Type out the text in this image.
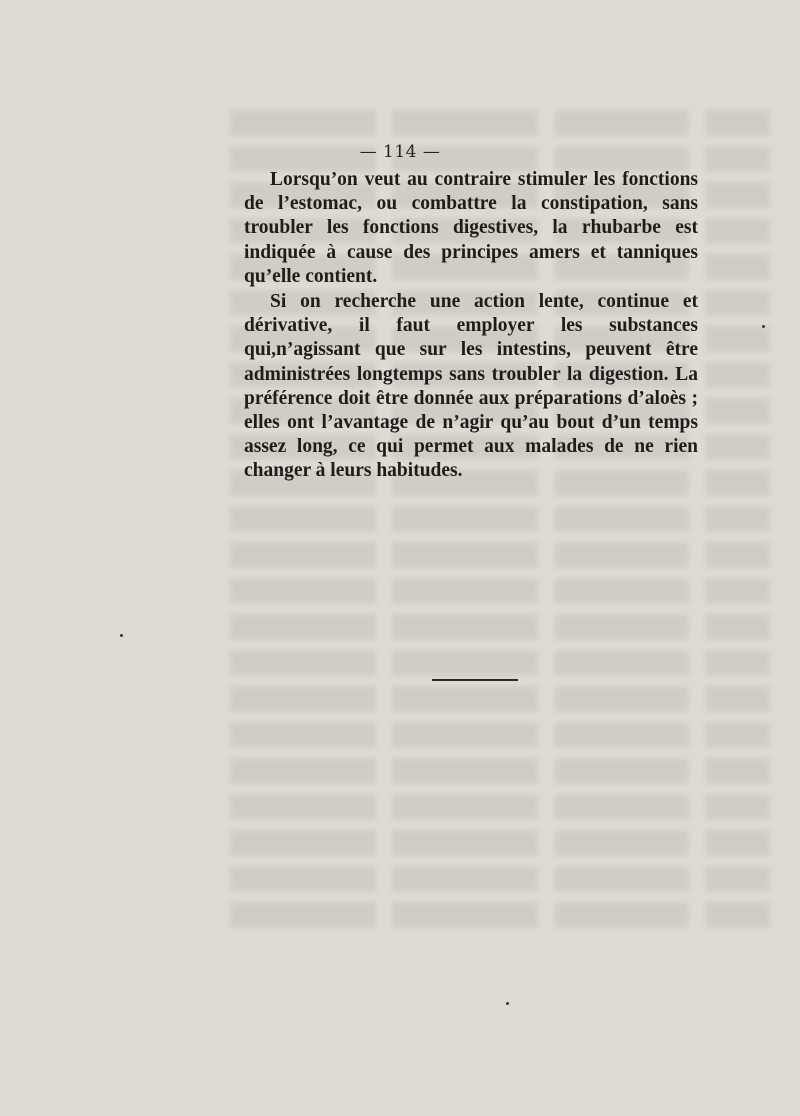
— 114 —

Lorsqu’on veut au contraire stimuler les fonctions de l’estomac, ou combattre la constipation, sans troubler les fonctions digestives, la rhubarbe est indiquée à cause des principes amers et tanniques qu’elle contient.

Si on recherche une action lente, continue et dérivative, il faut employer les substances qui,n’agissant que sur les intestins, peuvent être administrées longtemps sans troubler la digestion. La préférence doit être donnée aux préparations d’aloès ; elles ont l’avantage de n’agir qu’au bout d’un temps assez long, ce qui permet aux malades de ne rien changer à leurs habitudes.
